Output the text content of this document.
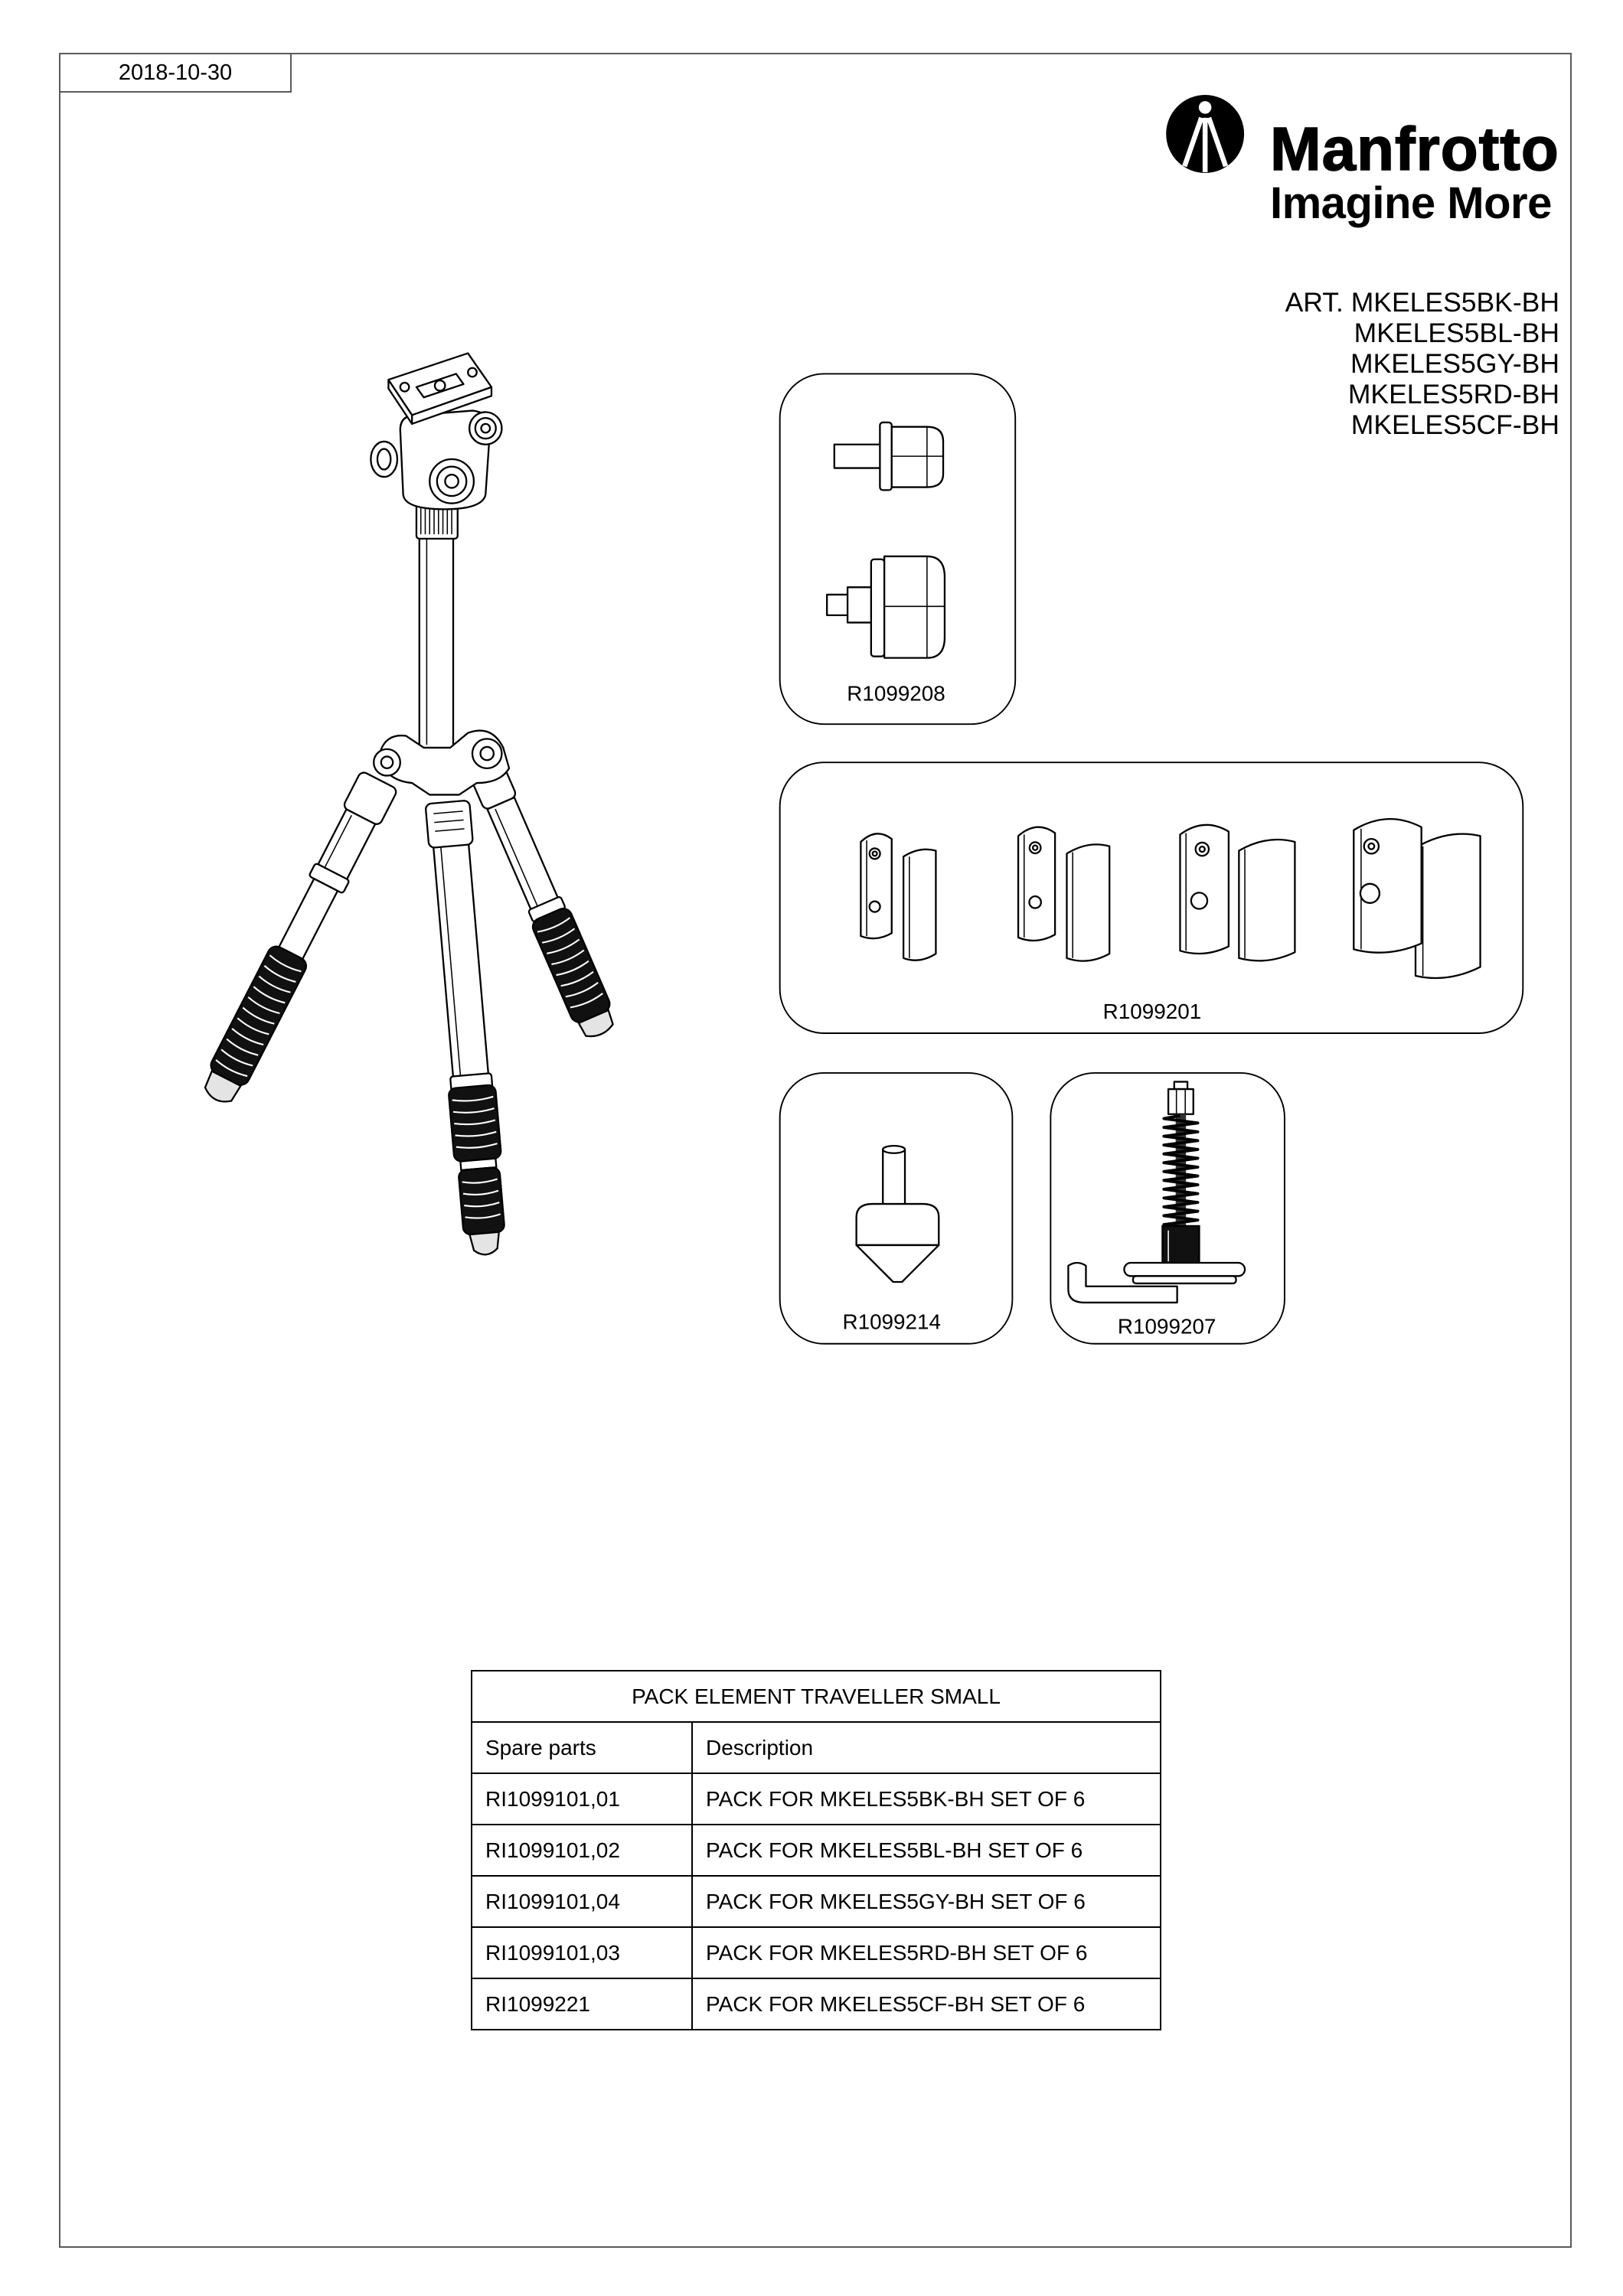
2018-10-30
Manfrotto
Imagine More
ART. MKELES5BK-BH
MKELES5BL-BH
MKELES5GY-BH
MKELES5RD-BH
MKELES5CF-BH
R1099208
R1099201
R1099214	R1099207
PACK ELEMENT TRAVELLER SMALL	
Spare parts	Description
RI1099101,01	PACK FOR MKELES5BK-BH SET OF 6
RI1099101,02	PACK FOR MKELES5BL-BH SET OF 6
RI1099101,04	PACK FOR MKELES5GY-BH SET OF 6
RI1099101,03	PACK FOR MKELES5RD-BH SET OF 6
RI1099221	PACK FOR MKELES5CF-BH SET OF 6
